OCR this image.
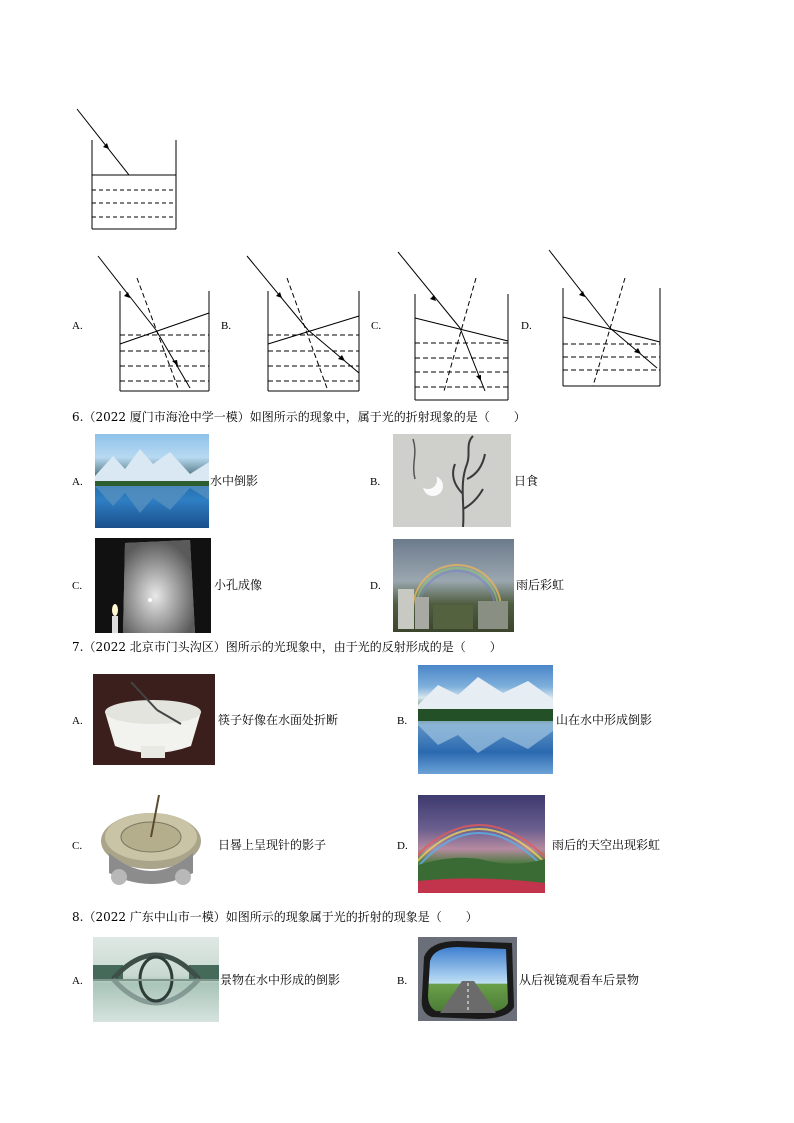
A.	B.	C.	D.
6.（2022 厦门市海沧中学一模）如图所示的现象中，属于光的折射现象的是（　　）
A.	水中倒影	B.	日食
C.	小孔成像	D.	雨后彩虹
7.（2022 北京市门头沟区）图所示的光现象中，由于光的反射形成的是（　　）
A.	筷子好像在水面处折断	B.	山在水中形成倒影
C.	日晷上呈现针的影子	D.	雨后的天空出现彩虹
8.（2022 广东中山市一模）如图所示的现象属于光的折射的现象是（　　）
A.	景物在水中形成的倒影	B.	从后视镜观看车后景物
